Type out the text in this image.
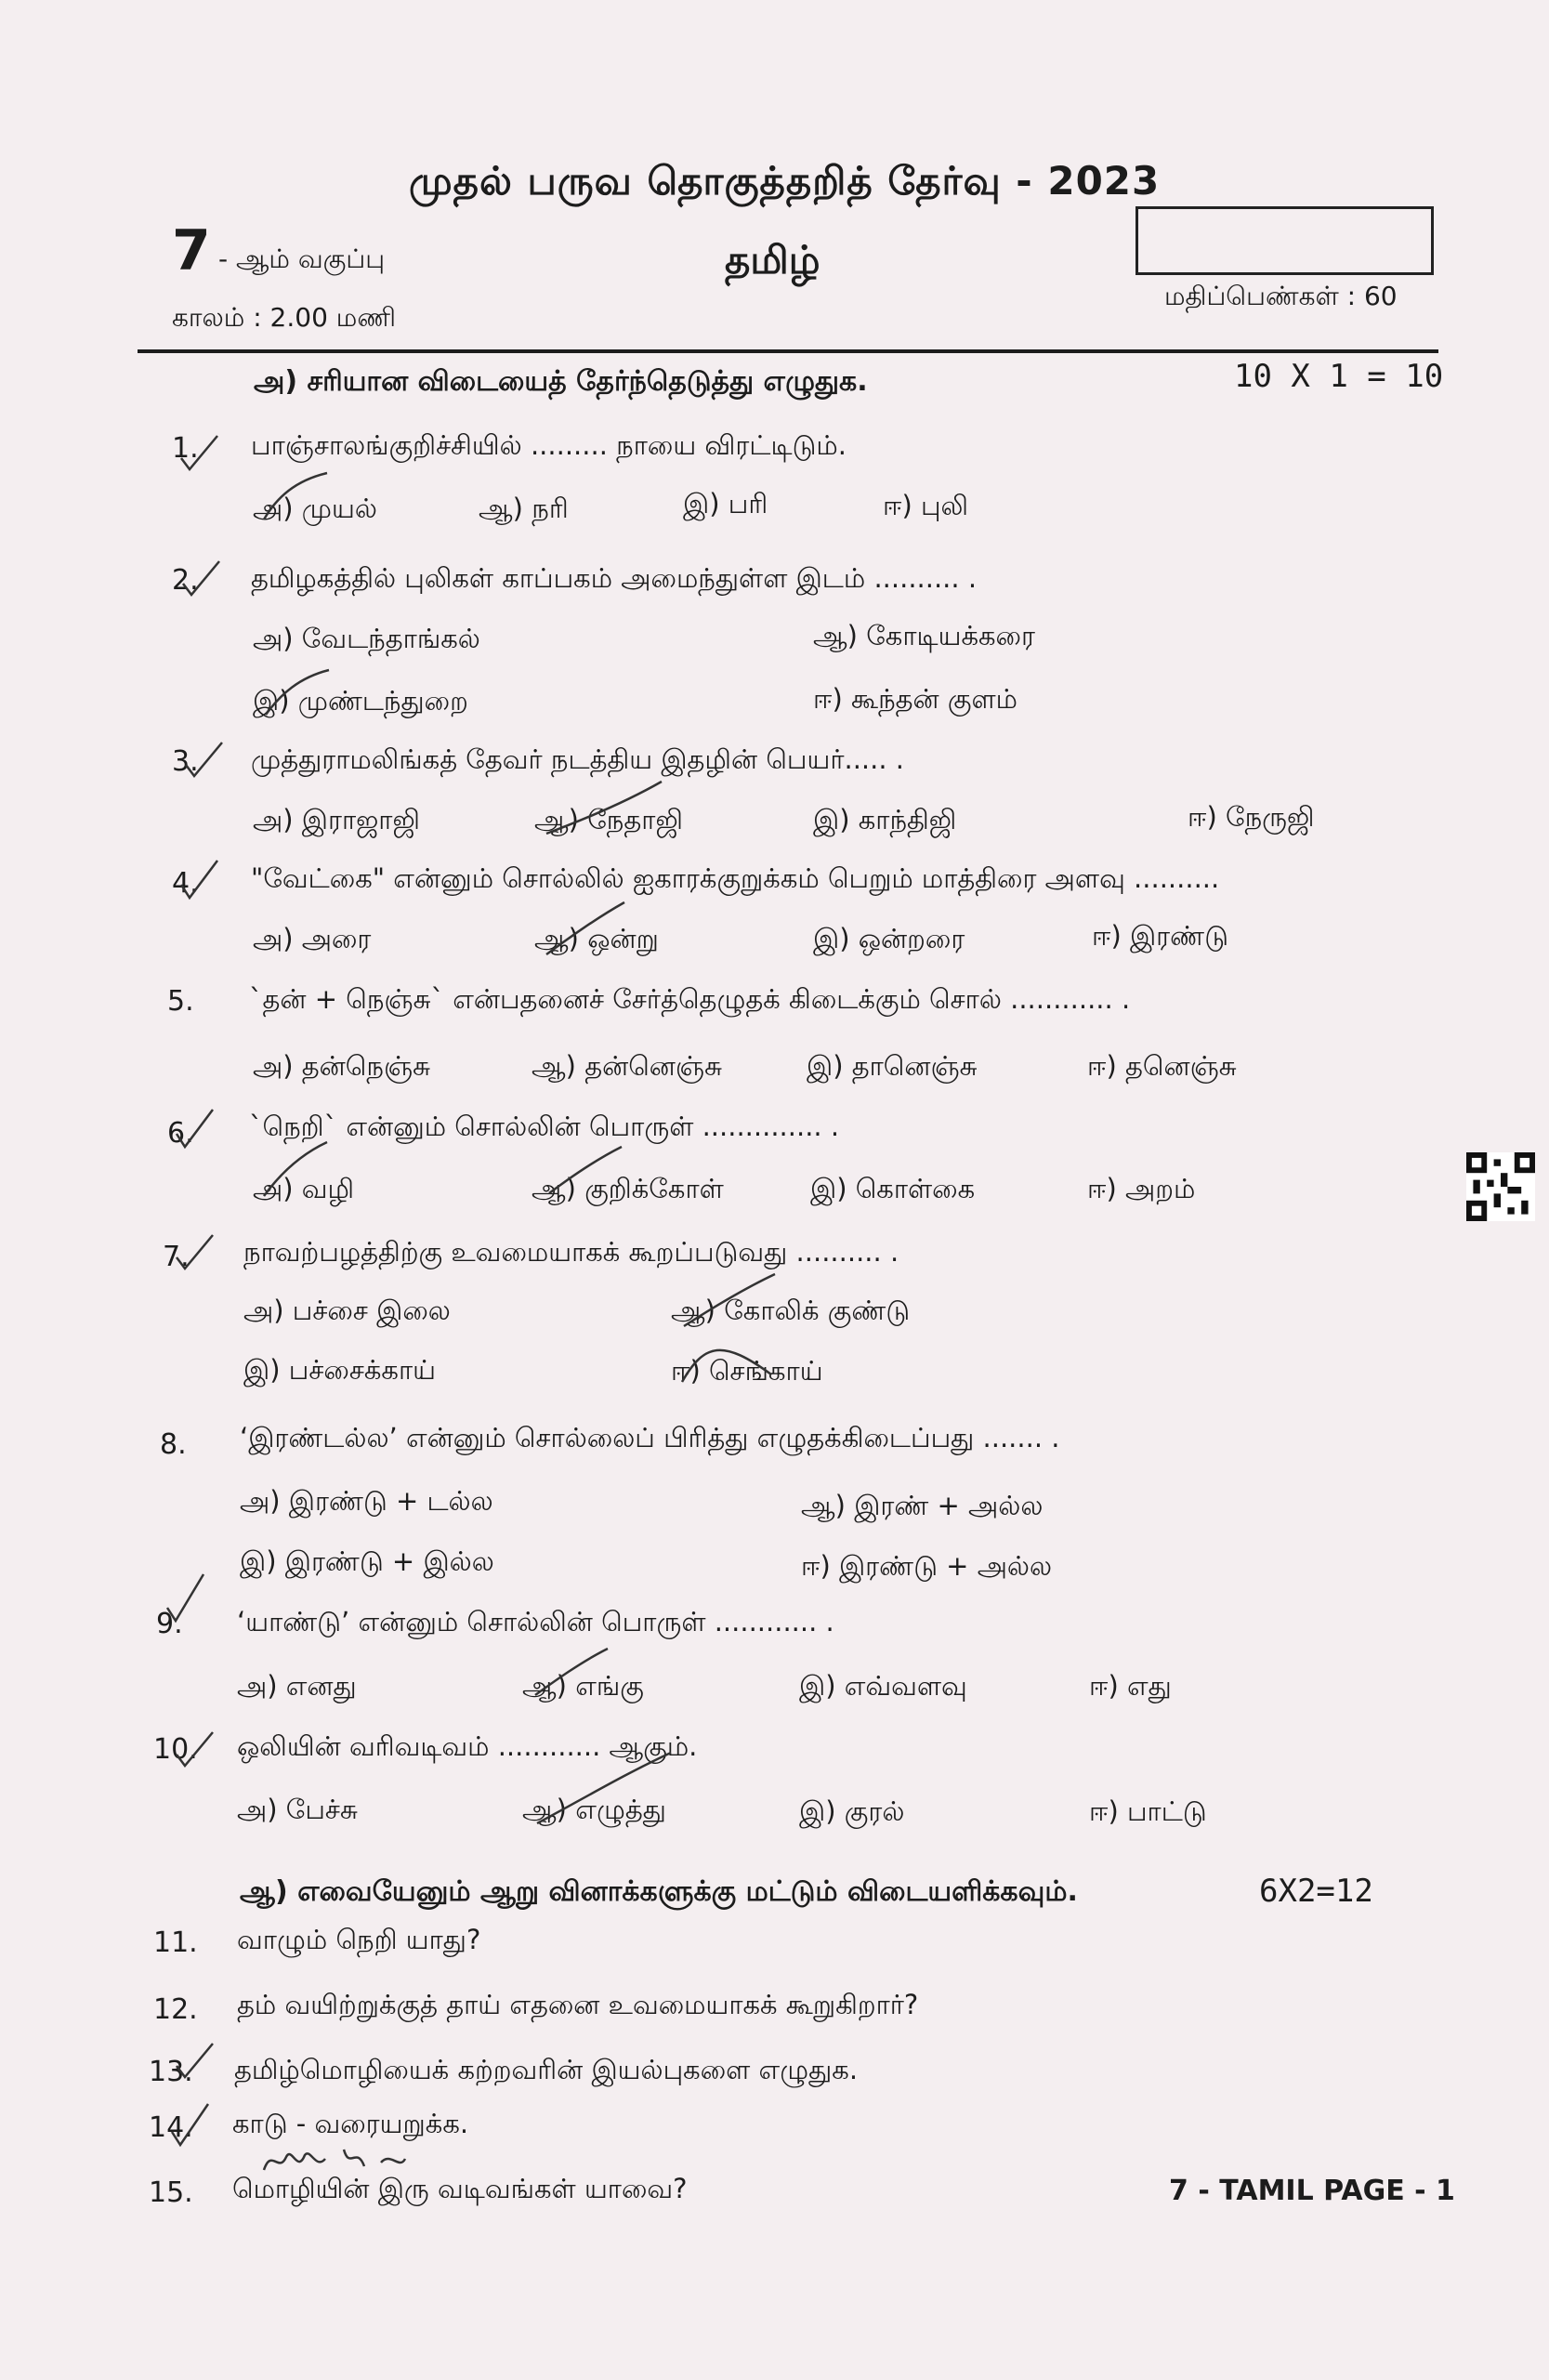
முதல் பருவ தொகுத்தறித் தேர்வு - 2023
7 - ஆம் வகுப்பு	தமிழ்
காலம் : 2.00 மணி
மதிப்பெண்கள் : 60
அ) சரியான விடையைத் தேர்ந்தெடுத்து எழுதுக.	10 X 1 = 10
1.	பாஞ்சாலங்குறிச்சியில் ......... நாயை விரட்டிடும்.
அ) முயல்	ஆ) நரி	இ) பரி	ஈ) புலி
2.	தமிழகத்தில் புலிகள் காப்பகம் அமைந்துள்ள இடம் .......... .
அ) வேடந்தாங்கல்	ஆ) கோடியக்கரை
இ) முண்டந்துறை	ஈ) கூந்தன் குளம்
3.	முத்துராமலிங்கத் தேவர் நடத்திய இதழின் பெயர்..... .
அ) இராஜாஜி	ஆ) நேதாஜி	இ) காந்திஜி	ஈ) நேருஜி
4.	"வேட்கை" என்னும் சொல்லில் ஐகாரக்குறுக்கம் பெறும் மாத்திரை அளவு ..........
அ) அரை	ஆ) ஒன்று	இ) ஒன்றரை	ஈ) இரண்டு
5.	`தன் + நெஞ்சு` என்பதனைச் சேர்த்தெழுதக் கிடைக்கும் சொல் ............ .
அ) தன்நெஞ்சு	ஆ) தன்னெஞ்சு	இ) தானெஞ்சு	ஈ) தனெஞ்சு
6.	`நெறி` என்னும் சொல்லின் பொருள் .............. .
அ) வழி	ஆ) குறிக்கோள்	இ) கொள்கை	ஈ) அறம்
7.	நாவற்பழத்திற்கு உவமையாகக் கூறப்படுவது .......... .
அ) பச்சை இலை	ஆ) கோலிக் குண்டு
இ) பச்சைக்காய்	ஈ) செங்காய்
8.	‘இரண்டல்ல’ என்னும் சொல்லைப் பிரித்து எழுதக்கிடைப்பது ....... .
அ) இரண்டு + டல்ல	ஆ) இரண் + அல்ல
இ) இரண்டு + இல்ல	ஈ) இரண்டு + அல்ல
9.	‘யாண்டு’ என்னும் சொல்லின் பொருள் ............ .
அ) எனது	ஆ) எங்கு	இ) எவ்வளவு	ஈ) எது
10.	ஒலியின் வரிவடிவம் ............ ஆகும்.
அ) பேச்சு	ஆ) எழுத்து	இ) குரல்	ஈ) பாட்டு
ஆ) எவையேனும் ஆறு வினாக்களுக்கு மட்டும் விடையளிக்கவும்.	6X2=12
11.	வாழும் நெறி யாது?
12.	தம் வயிற்றுக்குத் தாய் எதனை உவமையாகக் கூறுகிறார்?
13.	தமிழ்மொழியைக் கற்றவரின் இயல்புகளை எழுதுக.
14.	காடு - வரையறுக்க.
15.	மொழியின் இரு வடிவங்கள் யாவை?	7 - TAMIL PAGE - 1
